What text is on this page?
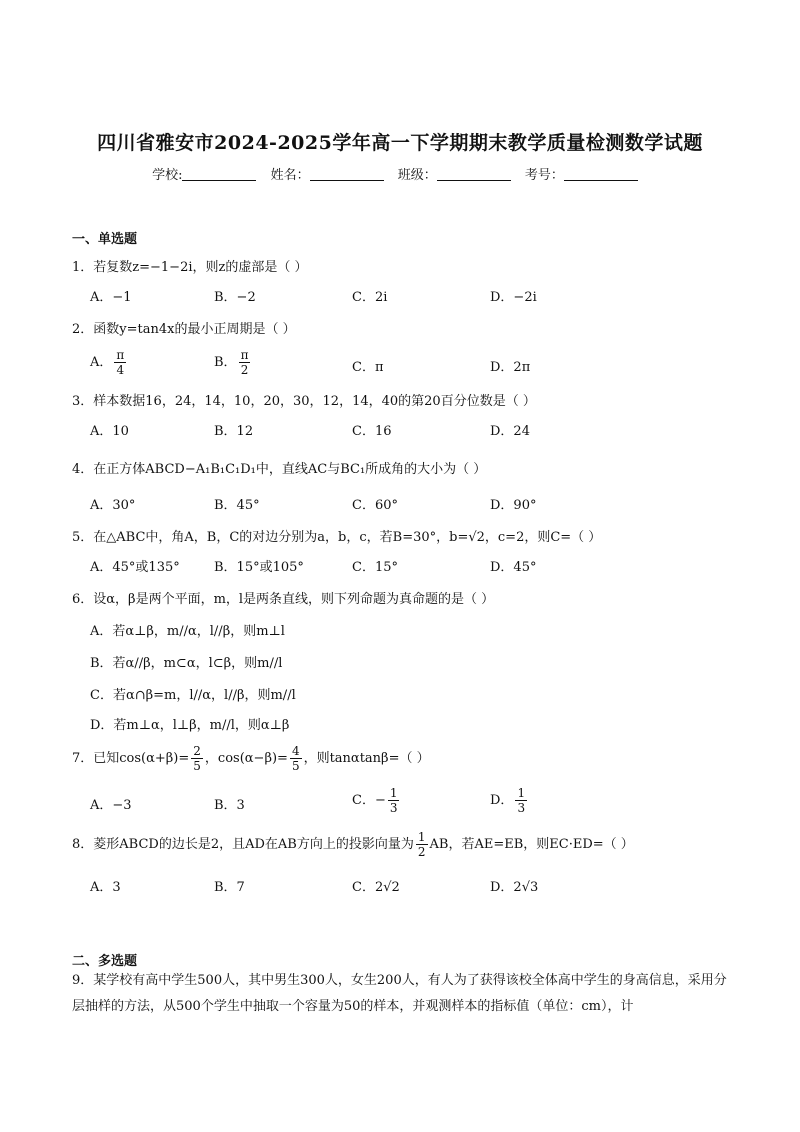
四川省雅安市2024-2025学年高一下学期期末教学质量检测数学试题
学校:	姓名：	班级：	考号：
一、单选题
1．若复数z=−1−2i，则z的虚部是（ ）
A．−1	B．−2	C．2i	D．−2i
2．函数y=tan4x的最小正周期是（ ）
A． $\frac{\pi}{4}$	B． $\frac{\pi}{2}$	C．π	D．2π
3．样本数据16，24，14，10，20，30，12，14，40的第20百分位数是（ ）
A．10	B．12	C．16	D．24
4．在正方体ABCD−A₁B₁C₁D₁中，直线AC与BC₁所成角的大小为（ ）
A．30°	B．45°	C．60°	D．90°
5．在△ABC中，角A，B，C的对边分别为a，b，c，若B=30°，b=√2，c=2，则C=（ ）
A．45°或135°	B．15°或105°	C．15°	D．45°
6．设α，β是两个平面，m，l是两条直线，则下列命题为真命题的是（ ）
A．若α⊥β，m//α，l//β，则m⊥l
B．若α//β，m⊂α，l⊂β，则m//l
C．若α∩β=m，l//α，l//β，则m//l
D．若m⊥α，l⊥β，m//l，则α⊥β
7．已知$\cos(\alpha+\beta)= \frac{2}{5}$ ，$\cos(\alpha-\beta)= \frac{4}{5}$ ，则tanαtanβ=（ ）
A．−3	B．3	C．− $\frac{1}{3}$	D． $\frac{1}{3}$
8．菱形ABCD的边长是2，且AD在AB方向上的投影向量为 $\frac{1}{2}$ AB，若AE=EB，则EC·ED=（ ）
A．3	B．7	C．2√2	D．2√3
二、多选题
9．某学校有高中学生500人，其中男生300人，女生200人，有人为了获得该校全体高中学生的身高信息，采用分层抽样的方法，从500个学生中抽取一个容量为50的样本，并观测样本的指标值（单位：cm），计
